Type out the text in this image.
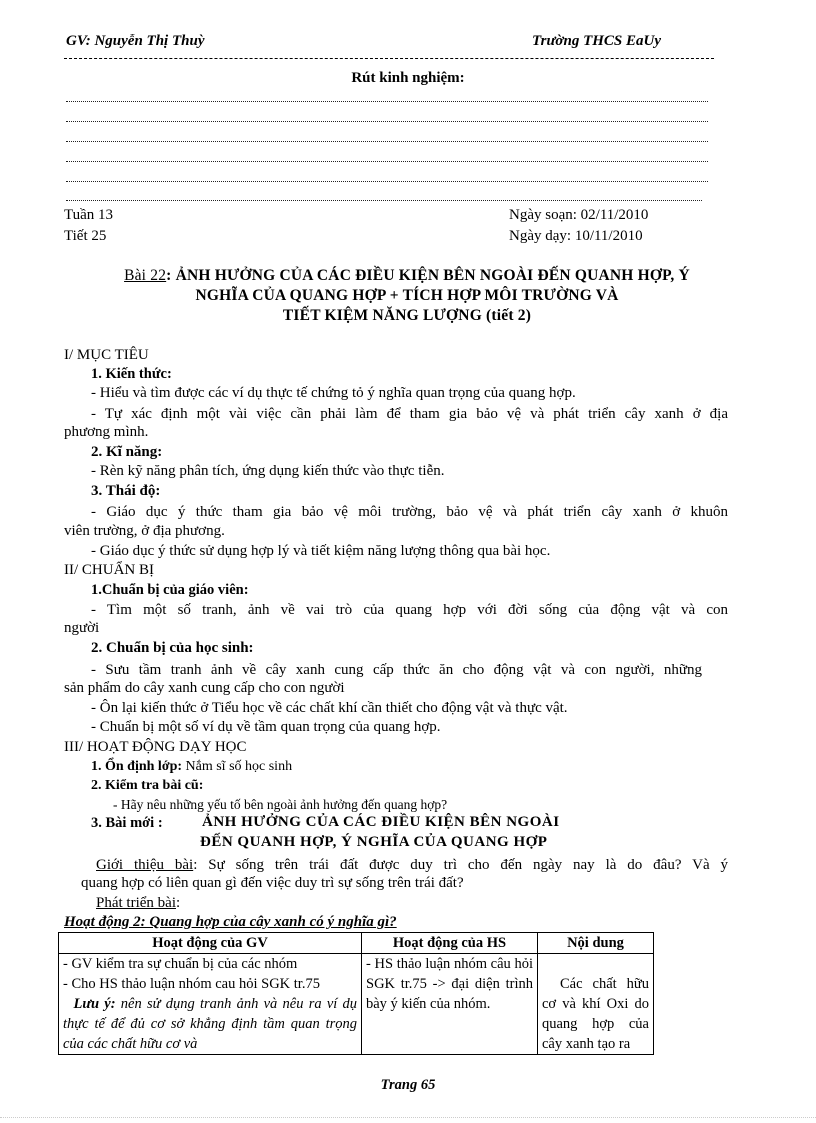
GV: Nguyễn Thị Thuỳ	Trường THCS EaUy
Rút kinh nghiệm:
Tuần 13
Tiết 25
Ngày soạn: 02/11/2010
Ngày dạy: 10/11/2010
Bài 22: ẢNH HƯỞNG CỦA CÁC ĐIỀU KIỆN BÊN NGOÀI ĐẾN QUANH HỢP, Ý
NGHĨA CỦA QUANG HỢP + TÍCH HỢP MÔI TRƯỜNG VÀ
TIẾT KIỆM NĂNG LƯỢNG (tiết 2)
I/ MỤC TIÊU
1. Kiến thức:
- Hiểu và tìm được các ví dụ thực tế chứng tỏ ý nghĩa quan trọng của quang hợp.
- Tự xác định một vài việc cần phải làm để tham gia bảo vệ và phát triển cây xanh ở địa
phương mình.
2. Kĩ năng:
- Rèn kỹ năng phân tích, ứng dụng kiến thức vào thực tiễn.
3. Thái độ:
- Giáo dục ý thức tham gia bảo vệ môi trường, bảo vệ và phát triển cây xanh ở khuôn
viên trường, ở địa phương.
- Giáo dục ý thức sử dụng hợp lý và tiết kiệm năng lượng thông qua bài học.
II/ CHUẨN BỊ
1.Chuẩn bị của giáo viên:
- Tìm một số tranh, ảnh về vai trò của quang hợp với đời sống của động vật và con
người
2. Chuẩn bị của học sinh:
- Sưu tầm tranh ảnh về cây xanh cung cấp thức ăn cho động vật và con người, những
sản phẩm do cây xanh cung cấp cho con người
- Ôn lại kiến thức ở Tiểu học về các chất khí cần thiết cho động vật và thực vật.
- Chuẩn bị một số ví dụ về tầm quan trọng của quang hợp.
III/ HOẠT ĐỘNG DẠY HỌC
1. Ổn định lớp: Nắm sĩ số học sinh
2. Kiểm tra bài cũ:
- Hãy nêu những yếu tố bên ngoài ảnh hưởng đến quang hợp?
3. Bài mới :	ẢNH HƯỞNG CỦA CÁC ĐIỀU KIỆN BÊN NGOÀI
ĐẾN QUANH HỢP, Ý NGHĨA CỦA QUANG HỢP
Giới thiệu bài: Sự sống trên trái đất được duy trì cho đến ngày nay là do đâu? Và ý
quang hợp có liên quan gì đến việc duy trì sự sống trên trái đất?
Phát triển bài:
Hoạt động 2: Quang hợp của cây xanh có ý nghĩa gì?
Hoạt động của GV	Hoạt động của HS	Nội dung

- GV kiểm tra sự chuẩn bị của các nhóm

- Cho HS thảo luận nhóm cau hỏi SGK tr.75

Lưu ý: nên sử dụng tranh ảnh và nêu ra ví dụ thực tế để đủ cơ sở khẳng định tầm quan trọng của các chất hữu cơ và	- HS thảo luận nhóm câu hỏi SGK tr.75 -> đại diện trình bày ý kiến của nhóm.	Các chất hữu cơ và khí Oxi do quang hợp của cây xanh tạo ra

Trang 65
